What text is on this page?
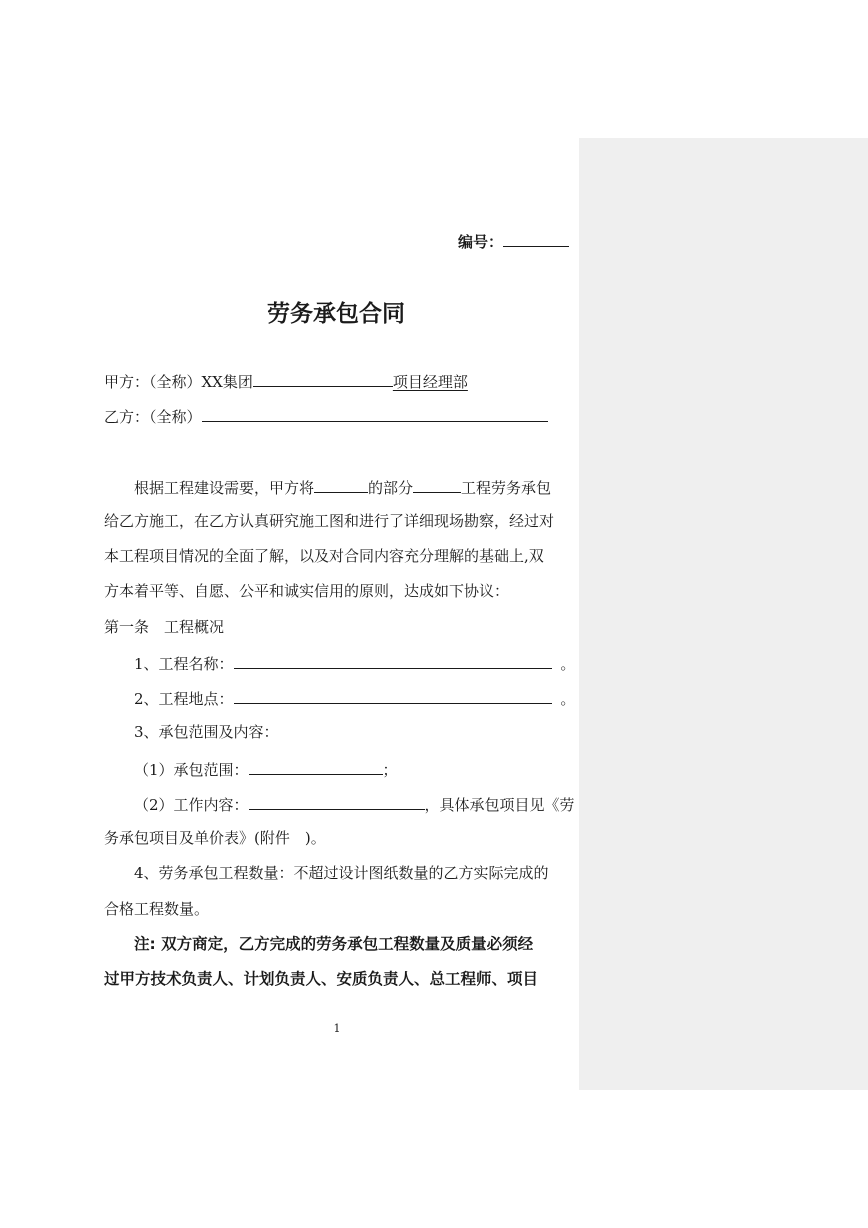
编号：
劳务承包合同
甲方：（全称）XX集团	项目经理部
乙方：（全称）
根据工程建设需要，甲方将	的部分	工程劳务承包
给乙方施工，在乙方认真研究施工图和进行了详细现场勘察，经过对
本工程项目情况的全面了解，以及对合同内容充分理解的基础上,双
方本着平等、自愿、公平和诚实信用的原则，达成如下协议：
第一条　工程概况
1、工程名称：	。
2、工程地点：	。
3、承包范围及内容：
（1）承包范围：	；
（2）工作内容：	，具体承包项目见《劳
务承包项目及单价表》(附件　)。
4、劳务承包工程数量：不超过设计图纸数量的乙方实际完成的
合格工程数量。
注: 双方商定，乙方完成的劳务承包工程数量及质量必须经
过甲方技术负责人、计划负责人、安质负责人、总工程师、项目
1
